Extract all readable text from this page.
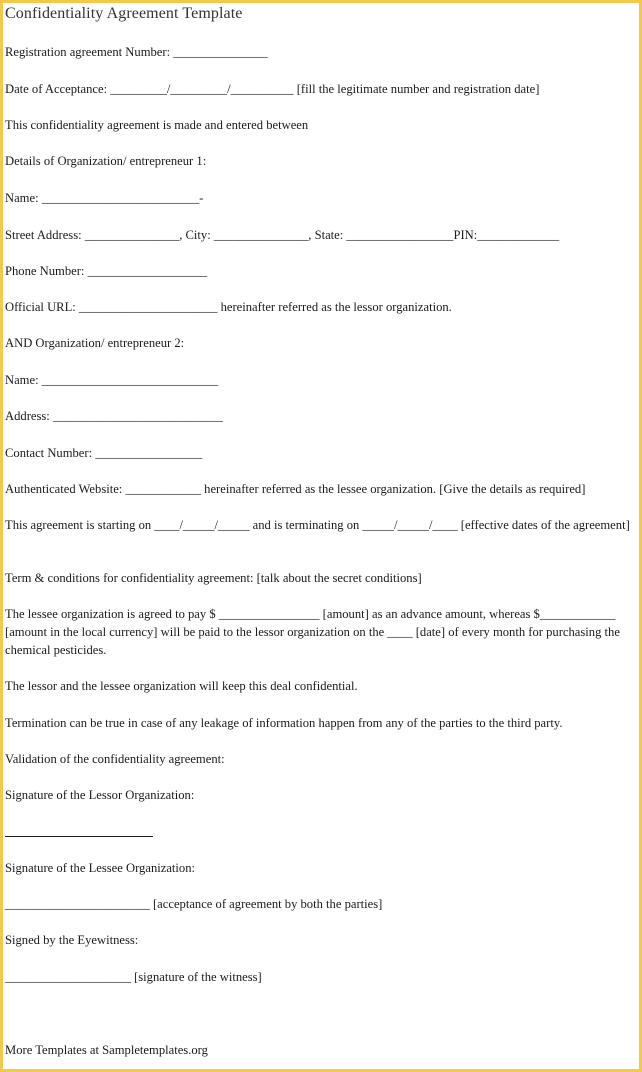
Confidentiality Agreement Template
Registration agreement Number: _______________
Date of Acceptance: _________/_________/__________ [fill the legitimate number and registration date]
This confidentiality agreement is made and entered between
Details of Organization/ entrepreneur 1:
Name: _________________________-
Street Address: _______________, City: _______________, State: _________________PIN:_____________
Phone Number: ___________________
Official URL: ______________________ hereinafter referred as the lessor organization.
AND Organization/ entrepreneur 2:
Name: ____________________________
Address: ___________________________
Contact Number: _________________
Authenticated Website: ____________ hereinafter referred as the lessee organization. [Give the details as required]
This agreement is starting on ____/_____/_____ and is terminating on _____/_____/____ [effective dates of the agreement]
Term & conditions for confidentiality agreement: [talk about the secret conditions]
The lessee organization is agreed to pay $ ________________ [amount] as an advance amount, whereas $____________ [amount in the local currency] will be paid to the lessor organization on the ____ [date] of every month for purchasing the chemical pesticides.
The lessor and the lessee organization will keep this deal confidential.
Termination can be true in case of any leakage of information happen from any of the parties to the third party.
Validation of the confidentiality agreement:
Signature of the Lessor Organization:
Signature of the Lessee Organization:
_______________________ [acceptance of agreement by both the parties]
Signed by the Eyewitness:
____________________ [signature of the witness]
More Templates at Sampletemplates.org
